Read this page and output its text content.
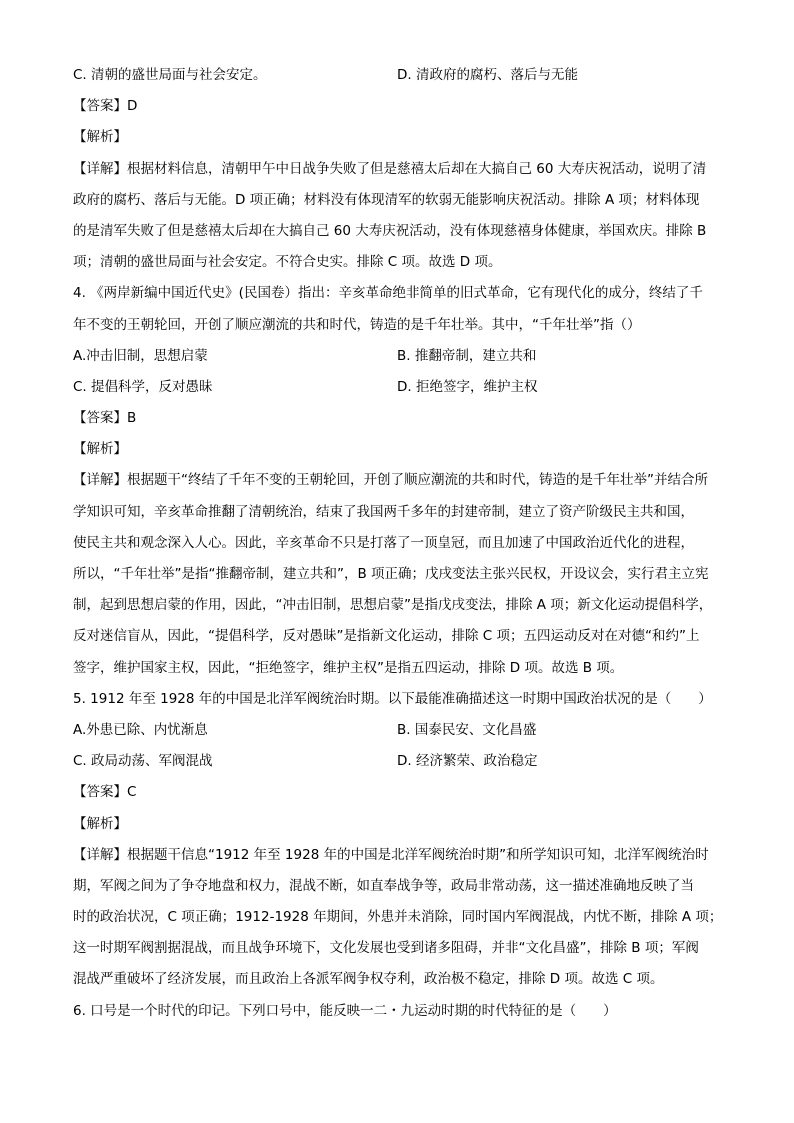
C. 清朝的盛世局面与社会安定。	D. 清政府的腐朽、落后与无能
【答案】D
【解析】
【详解】根据材料信息，清朝甲午中日战争失败了但是慈禧太后却在大搞自己 60 大寿庆祝活动，说明了清
政府的腐朽、落后与无能。D 项正确；材料没有体现清军的软弱无能影响庆祝活动。排除 A 项；材料体现
的是清军失败了但是慈禧太后却在大搞自己 60 大寿庆祝活动，没有体现慈禧身体健康，举国欢庆。排除 B
项；清朝的盛世局面与社会安定。不符合史实。排除 C 项。故选 D 项。
4. 《两岸新编中国近代史》(民国卷）指出：辛亥革命绝非简单的旧式革命，它有现代化的成分，终结了千
年不变的王朝轮回，开创了顺应潮流的共和时代，铸造的是千年壮举。其中，“千年壮举”指（）
A.冲击旧制，思想启蒙	B. 推翻帝制，建立共和
C. 提倡科学，反对愚昧	D. 拒绝签字，维护主权
【答案】B
【解析】
【详解】根据题干“终结了千年不变的王朝轮回，开创了顺应潮流的共和时代，铸造的是千年壮举”并结合所
学知识可知，辛亥革命推翻了清朝统治，结束了我国两千多年的封建帝制，建立了资产阶级民主共和国，
使民主共和观念深入人心。因此，辛亥革命不只是打落了一顶皇冠，而且加速了中国政治近代化的进程，
所以，“千年壮举”是指“推翻帝制，建立共和”，B 项正确；戊戌变法主张兴民权，开设议会，实行君主立宪
制，起到思想启蒙的作用，因此，“冲击旧制，思想启蒙”是指戊戌变法，排除 A 项；新文化运动提倡科学，
反对迷信盲从，因此，“提倡科学，反对愚昧”是指新文化运动，排除 C 项；五四运动反对在对德“和约”上
签字，维护国家主权，因此，“拒绝签字，维护主权”是指五四运动，排除 D 项。故选 B 项。
5. 1912 年至 1928 年的中国是北洋军阀统治时期。以下最能准确描述这一时期中国政治状况的是（　　）
A.外患已除、内忧渐息	B. 国泰民安、文化昌盛
C. 政局动荡、军阀混战	D. 经济繁荣、政治稳定
【答案】C
【解析】
【详解】根据题干信息“1912 年至 1928 年的中国是北洋军阀统治时期”和所学知识可知，北洋军阀统治时
期，军阀之间为了争夺地盘和权力，混战不断，如直奉战争等，政局非常动荡，这一描述准确地反映了当
时的政治状况，C 项正确；1912-1928 年期间，外患并未消除，同时国内军阀混战，内忧不断，排除 A 项；
这一时期军阀割据混战，而且战争环境下，文化发展也受到诸多阻碍，并非“文化昌盛”，排除 B 项；军阀
混战严重破坏了经济发展，而且政治上各派军阀争权夺利，政治极不稳定，排除 D 项。故选 C 项。
6. 口号是一个时代的印记。下列口号中，能反映一二・九运动时期的时代特征的是（　　）
